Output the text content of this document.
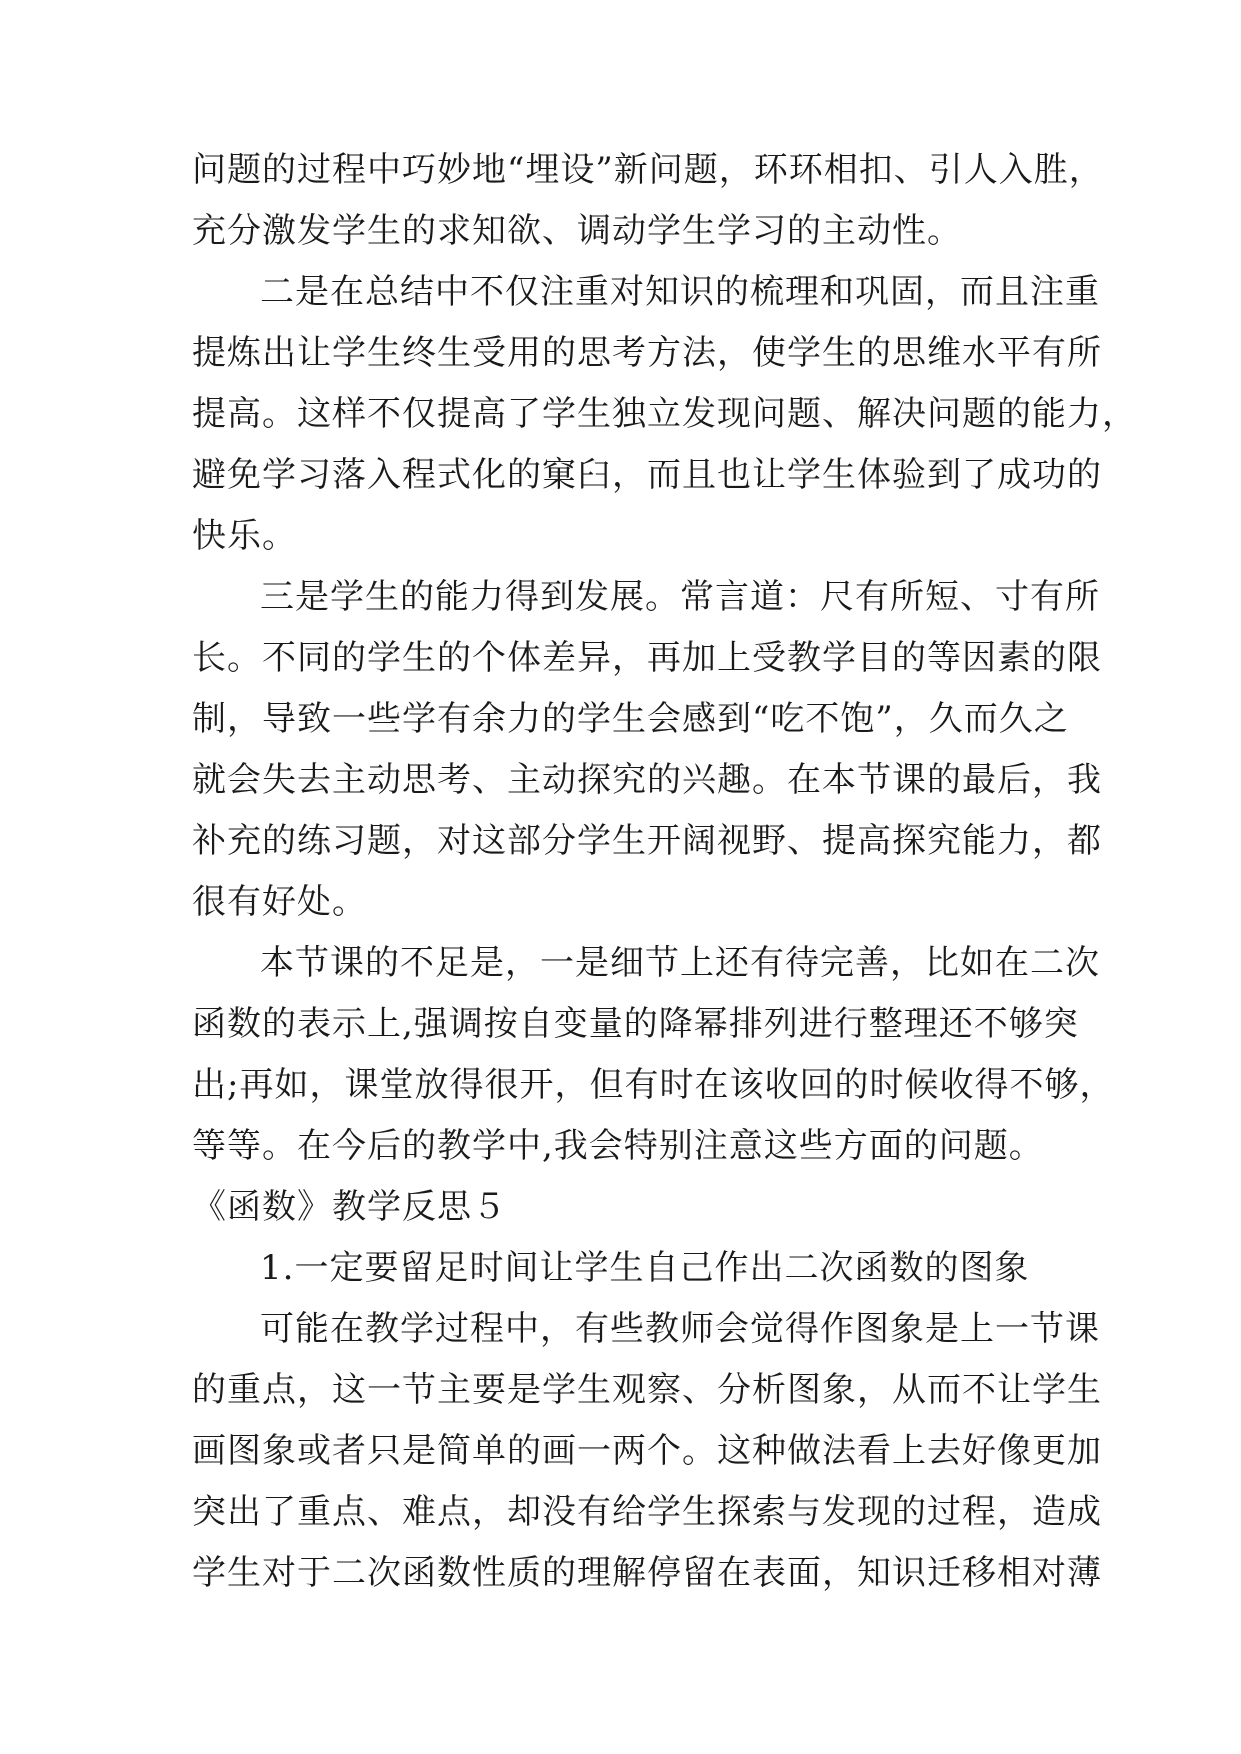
问题的过程中巧妙地“埋设”新问题，环环相扣、引人入胜，
充分激发学生的求知欲、调动学生学习的主动性。
二是在总结中不仅注重对知识的梳理和巩固，而且注重
提炼出让学生终生受用的思考方法，使学生的思维水平有所
提高。这样不仅提高了学生独立发现问题、解决问题的能力，
避免学习落入程式化的窠臼，而且也让学生体验到了成功的
快乐。
三是学生的能力得到发展。常言道：尺有所短、寸有所
长。不同的学生的个体差异，再加上受教学目的等因素的限
制，导致一些学有余力的学生会感到“吃不饱”，久而久之
就会失去主动思考、主动探究的兴趣。在本节课的最后，我
补充的练习题，对这部分学生开阔视野、提高探究能力，都
很有好处。
本节课的不足是，一是细节上还有待完善，比如在二次
函数的表示上,强调按自变量的降幂排列进行整理还不够突
出;再如，课堂放得很开，但有时在该收回的时候收得不够，
等等。在今后的教学中,我会特别注意这些方面的问题。
《函数》教学反思５
1.一定要留足时间让学生自己作出二次函数的图象
可能在教学过程中，有些教师会觉得作图象是上一节课
的重点，这一节主要是学生观察、分析图象，从而不让学生
画图象或者只是简单的画一两个。这种做法看上去好像更加
突出了重点、难点，却没有给学生探索与发现的过程，造成
学生对于二次函数性质的理解停留在表面，知识迁移相对薄
